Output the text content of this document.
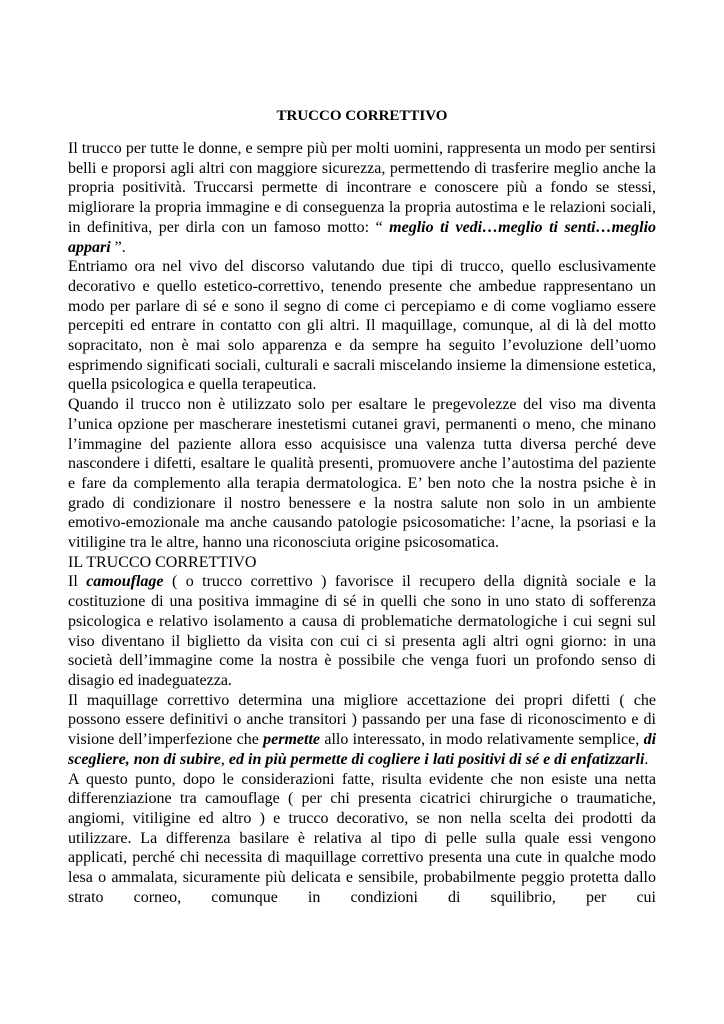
TRUCCO CORRETTIVO

Il trucco per tutte le donne, e sempre più per molti uomini, rappresenta un modo per sentirsi belli e proporsi agli altri con maggiore sicurezza, permettendo di trasferire meglio anche la propria positività. Truccarsi permette di incontrare e conoscere più a fondo se stessi, migliorare la propria immagine e di conseguenza la propria autostima e le relazioni sociali, in definitiva, per dirla con un famoso motto: “ meglio ti vedi…meglio ti senti…meglio appari ”.

Entriamo ora nel vivo del discorso valutando due tipi di trucco, quello esclusivamente decorativo e quello estetico-correttivo, tenendo presente che ambedue rappresentano un modo per parlare di sé e sono il segno di come ci percepiamo e di come vogliamo essere percepiti ed entrare in contatto con gli altri. Il maquillage, comunque, al di là del motto sopracitato, non è mai solo apparenza e da sempre ha seguito l’evoluzione dell’uomo esprimendo significati sociali, culturali e sacrali miscelando insieme la dimensione estetica, quella psicologica e quella terapeutica.

Quando il trucco non è utilizzato solo per esaltare le pregevolezze del viso ma diventa l’unica opzione per mascherare inestetismi cutanei gravi, permanenti o meno, che minano l’immagine del paziente allora esso acquisisce una valenza tutta diversa perché deve nascondere i difetti, esaltare le qualità presenti, promuovere anche l’autostima del paziente e fare da complemento alla terapia dermatologica. E’ ben noto che la nostra psiche è in grado di condizionare il nostro benessere e la nostra salute non solo in un ambiente emotivo-emozionale ma anche causando patologie psicosomatiche: l’acne, la psoriasi e la vitiligine tra le altre, hanno una riconosciuta origine psicosomatica.

IL TRUCCO CORRETTIVO

Il camouflage ( o trucco correttivo ) favorisce il recupero della dignità sociale e la costituzione di una positiva immagine di sé in quelli che sono in uno stato di sofferenza psicologica e relativo isolamento a causa di problematiche dermatologiche i cui segni sul viso diventano il biglietto da visita con cui ci si presenta agli altri ogni giorno: in una società dell’immagine come la nostra è possibile che venga fuori un profondo senso di disagio ed inadeguatezza.

Il maquillage correttivo determina una migliore accettazione dei propri difetti ( che possono essere definitivi o anche transitori ) passando per una fase di riconoscimento e di visione dell’imperfezione che permette allo interessato, in modo relativamente semplice, di scegliere, non di subire, ed in più permette di cogliere i lati positivi di sé e di enfatizzarli.

A questo punto, dopo le considerazioni fatte, risulta evidente che non esiste una netta differenziazione tra camouflage ( per chi presenta cicatrici chirurgiche o traumatiche, angiomi, vitiligine ed altro ) e trucco decorativo, se non nella scelta dei prodotti da utilizzare. La differenza basilare è relativa al tipo di pelle sulla quale essi vengono applicati, perché chi necessita di maquillage correttivo presenta una cute in qualche modo lesa o ammalata, sicuramente più delicata e sensibile, probabilmente peggio protetta dallo strato corneo, comunque in condizioni di squilibrio, per cui
